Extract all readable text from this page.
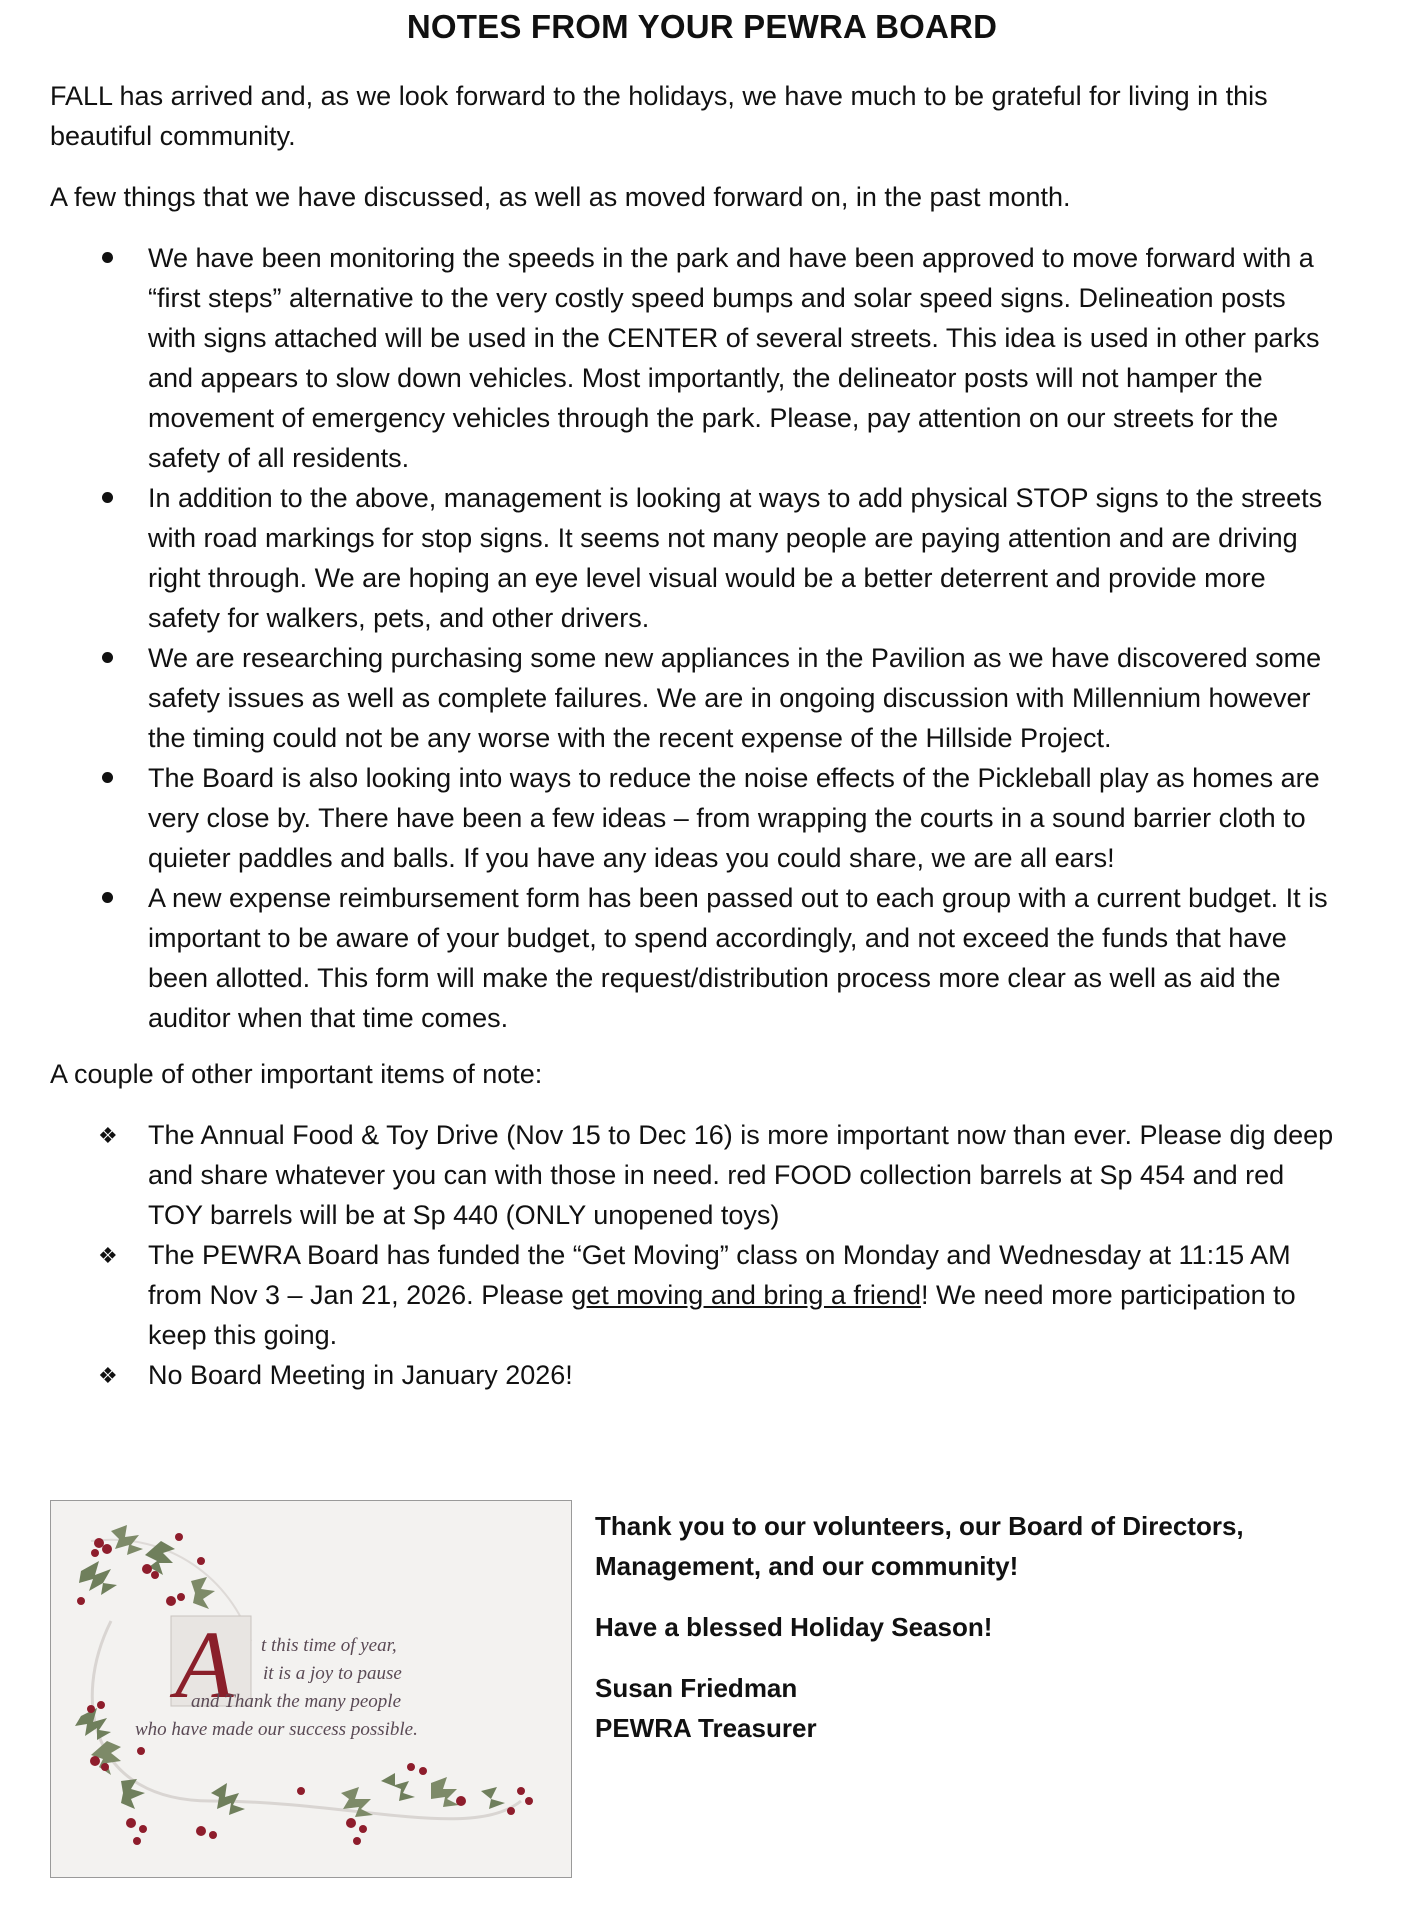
NOTES FROM YOUR PEWRA BOARD

FALL has arrived and, as we look forward to the holidays, we have much to be grateful for living in this beautiful community.

A few things that we have discussed, as well as moved forward on, in the past month.

We have been monitoring the speeds in the park and have been approved to move forward with a “first steps” alternative to the very costly speed bumps and solar speed signs. Delineation posts with signs attached will be used in the CENTER of several streets. This idea is used in other parks and appears to slow down vehicles. Most importantly, the delineator posts will not hamper the movement of emergency vehicles through the park. Please, pay attention on our streets for the safety of all residents.
In addition to the above, management is looking at ways to add physical STOP signs to the streets with road markings for stop signs. It seems not many people are paying attention and are driving right through. We are hoping an eye level visual would be a better deterrent and provide more safety for walkers, pets, and other drivers.
We are researching purchasing some new appliances in the Pavilion as we have discovered some safety issues as well as complete failures. We are in ongoing discussion with Millennium however the timing could not be any worse with the recent expense of the Hillside Project.
The Board is also looking into ways to reduce the noise effects of the Pickleball play as homes are very close by. There have been a few ideas – from wrapping the courts in a sound barrier cloth to quieter paddles and balls. If you have any ideas you could share, we are all ears!
A new expense reimbursement form has been passed out to each group with a current budget. It is important to be aware of your budget, to spend accordingly, and not exceed the funds that have been allotted. This form will make the request/distribution process more clear as well as aid the auditor when that time comes.

A couple of other important items of note:

❖	The Annual Food & Toy Drive (Nov 15 to Dec 16) is more important now than ever. Please dig deep and share whatever you can with those in need. red FOOD collection barrels at Sp 454 and red TOY barrels will be at Sp 440 (ONLY unopened toys)
❖	The PEWRA Board has funded the “Get Moving” class on Monday and Wednesday at 11:15 AM from Nov 3 – Jan 21, 2026. Please get moving and bring a friend! We need more participation to keep this going.
❖	No Board Meeting in January 2026!
A t this time of year,
it is a joy to pause
and Thank the many people
who have made our success possible.

Thank you to our volunteers, our Board of Directors,

Management, and our community!

Have a blessed Holiday Season!

Susan Friedman

PEWRA Treasurer
